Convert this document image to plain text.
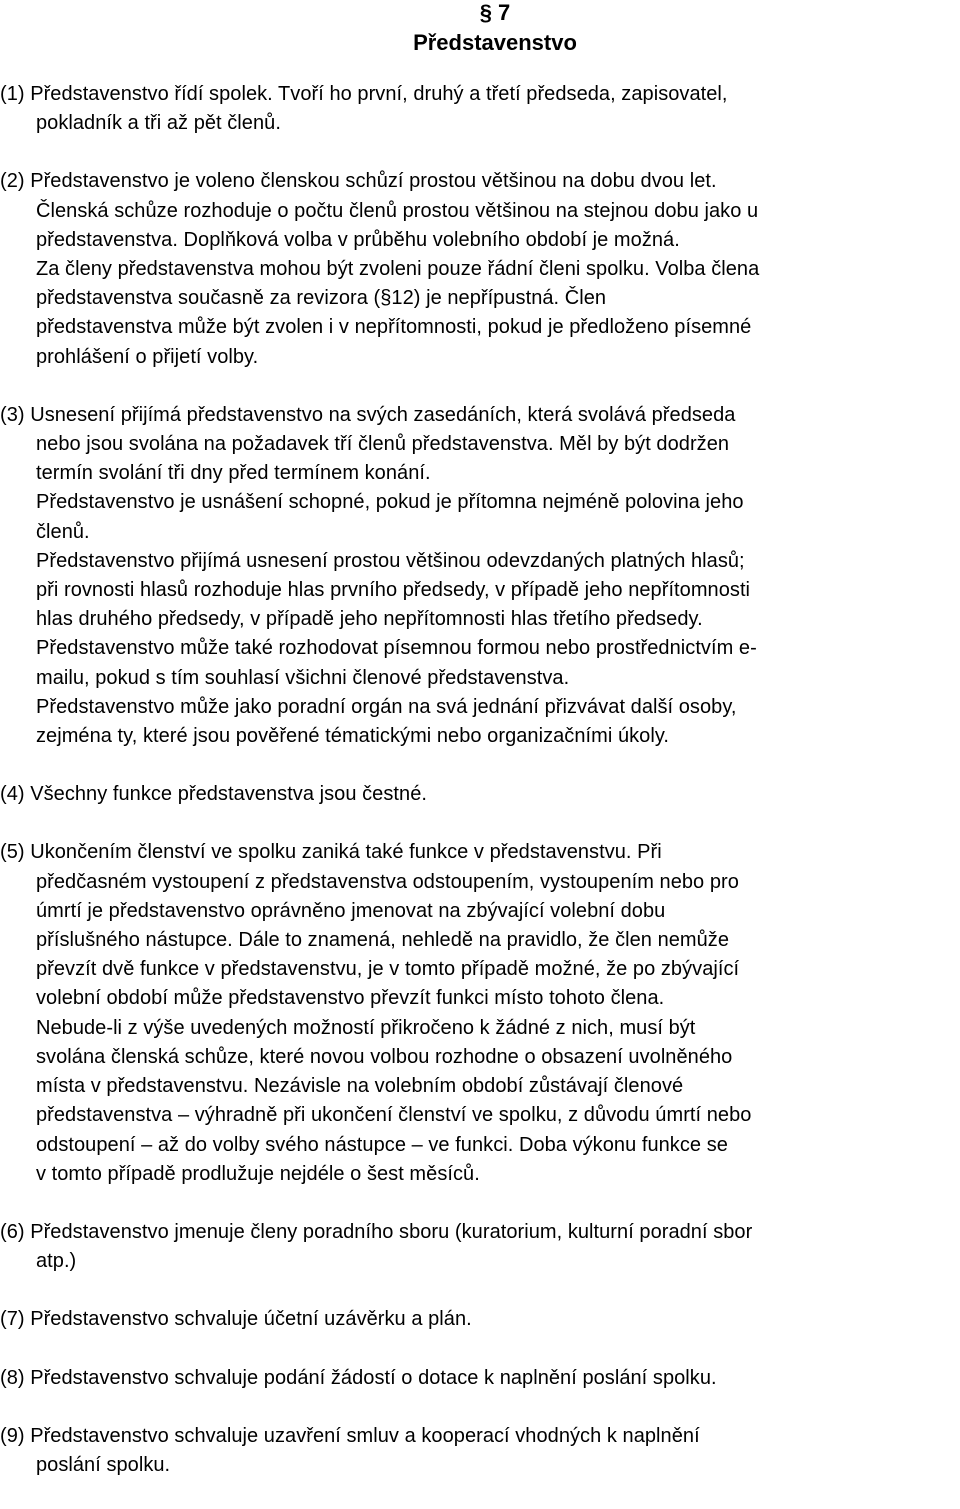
§ 7
Představenstvo
(1) Představenstvo řídí spolek. Tvoří ho první, druhý a třetí předseda, zapisovatel,
pokladník a tři až pět členů.
(2) Představenstvo je voleno členskou schůzí prostou většinou na dobu dvou let.
Členská schůze rozhoduje o počtu členů prostou většinou na stejnou dobu jako u
představenstva. Doplňková volba v průběhu volebního období je možná.
Za členy představenstva mohou být zvoleni pouze řádní členi spolku. Volba člena
představenstva současně za revizora (§12) je nepřípustná. Člen
představenstva může být zvolen i v nepřítomnosti, pokud je předloženo písemné
prohlášení o přijetí volby.
(3) Usnesení přijímá představenstvo na svých zasedáních, která svolává předseda
nebo jsou svolána na požadavek tří členů představenstva. Měl by být dodržen
termín svolání tři dny před termínem konání.
Představenstvo je usnášení schopné, pokud je přítomna nejméně polovina jeho
členů.
Představenstvo přijímá usnesení prostou většinou odevzdaných platných hlasů;
při rovnosti hlasů rozhoduje hlas prvního předsedy, v případě jeho nepřítomnosti
hlas druhého předsedy, v případě jeho nepřítomnosti hlas třetího předsedy.
Představenstvo může také rozhodovat písemnou formou nebo prostřednictvím e-
mailu, pokud s tím souhlasí všichni členové představenstva.
Představenstvo může jako poradní orgán na svá jednání přizvávat další osoby,
zejména ty, které jsou pověřené tématickými nebo organizačními úkoly.
(4) Všechny funkce představenstva jsou čestné.
(5) Ukončením členství ve spolku zaniká také funkce v představenstvu. Při
předčasném vystoupení z představenstva odstoupením, vystoupením nebo pro
úmrtí je představenstvo oprávněno jmenovat na zbývající volební dobu
příslušného nástupce. Dále to znamená, nehledě na pravidlo, že člen nemůže
převzít dvě funkce v představenstvu, je v tomto případě možné, že po zbývající
volební období může představenstvo převzít funkci místo tohoto člena.
Nebude-li z výše uvedených možností přikročeno k žádné z nich, musí být
svolána členská schůze, které novou volbou rozhodne o obsazení uvolněného
místa v představenstvu. Nezávisle na volebním období zůstávají členové
představenstva – výhradně při ukončení členství ve spolku, z důvodu úmrtí nebo
odstoupení – až do volby svého nástupce – ve funkci. Doba výkonu funkce se
v tomto případě prodlužuje nejdéle o šest měsíců.
(6) Představenstvo jmenuje členy poradního sboru (kuratorium, kulturní poradní sbor
atp.)
(7) Představenstvo schvaluje účetní uzávěrku a plán.
(8) Představenstvo schvaluje podání žádostí o dotace k naplnění poslání spolku.
(9) Představenstvo schvaluje uzavření smluv a kooperací vhodných k naplnění
poslání spolku.
